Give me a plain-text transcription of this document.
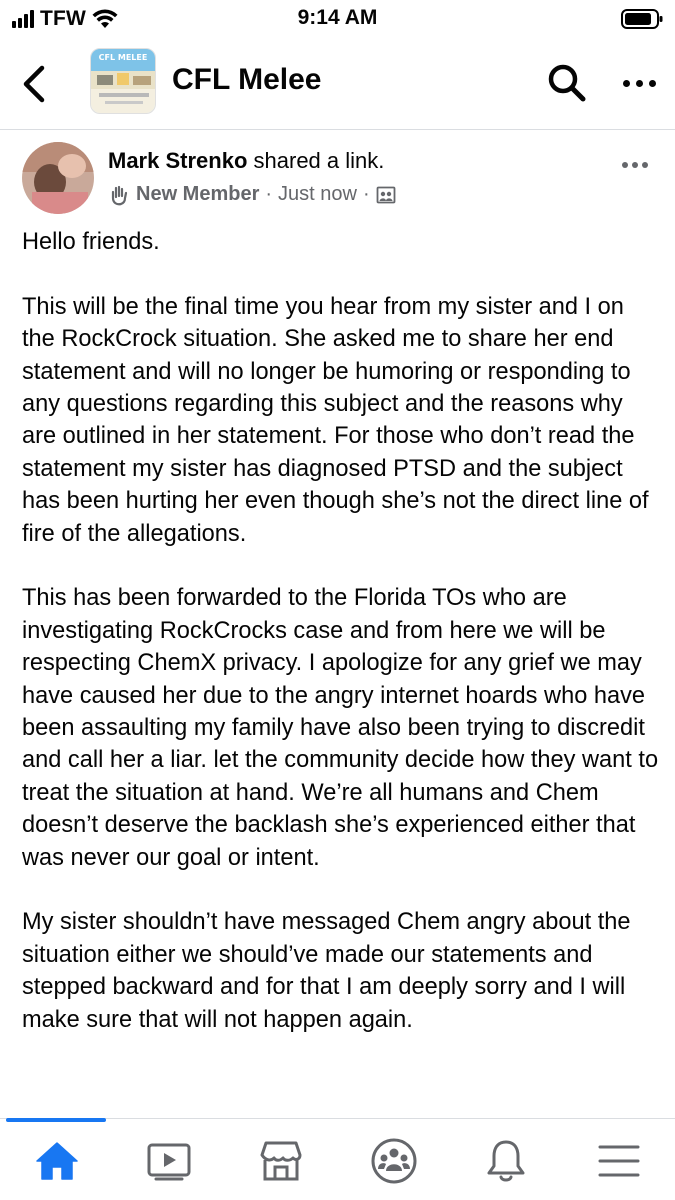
TFW	9:14 AM
CFL MELEE
CFL Melee
Mark Strenko shared a link.
New Member · Just now ·

Hello friends.

This will be the final time you hear from my sister and I on the RockCrock situation. She asked me to share her end statement and will no longer be humoring or responding to any questions regarding this subject and the reasons why are outlined in her statement. For those who don’t read the statement my sister has diagnosed PTSD and the subject has been hurting her even though she’s not the direct line of fire of the allegations.

This has been forwarded to the Florida TOs who are investigating RockCrocks case and from here we will be respecting ChemX privacy. I apologize for any grief we may have caused her due to the angry internet hoards who have been assaulting my family have also been trying to discredit and call her a liar. let the community decide how they want to treat the situation at hand. We’re all humans and Chem doesn’t deserve the backlash she’s experienced either that was never our goal or intent.

My sister shouldn’t have messaged Chem angry about the situation either we should’ve made our statements and stepped backward and for that I am deeply sorry and I will make sure that will not happen again.
